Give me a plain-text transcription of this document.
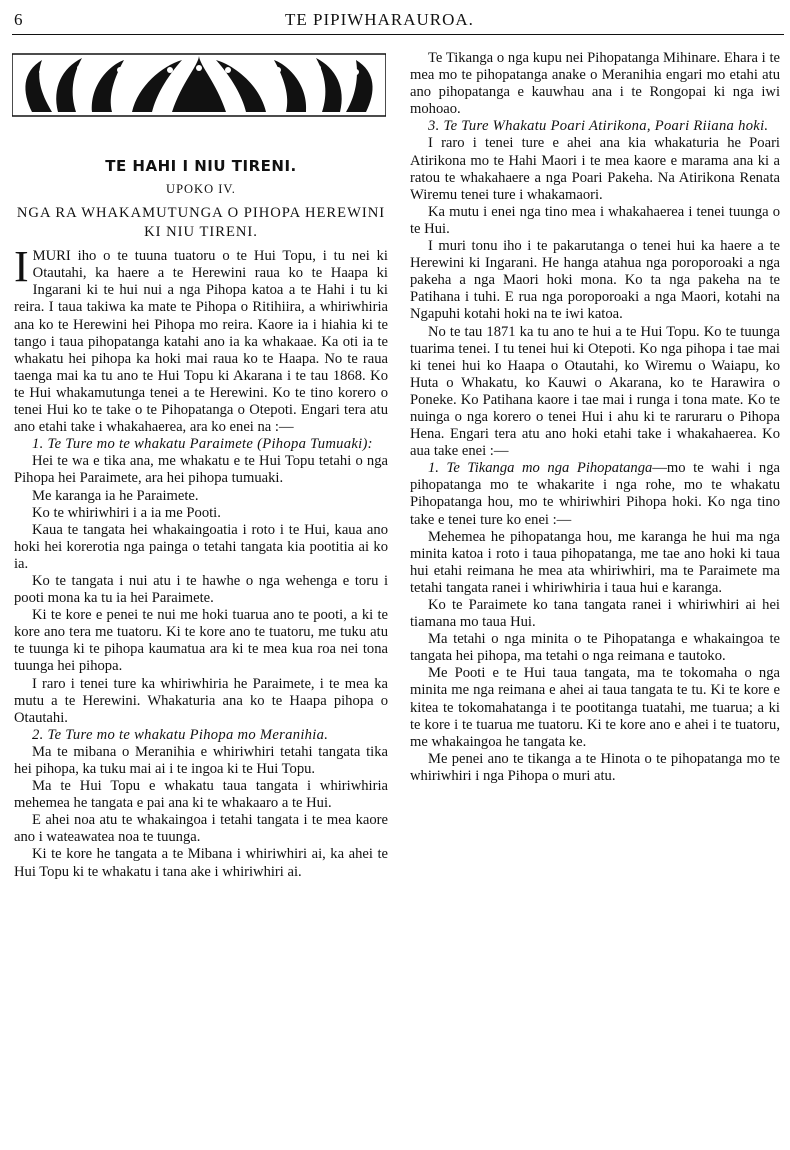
6	TE PIPIWHARAUROA.
TE HAHI I NIU TIRENI.
UPOKO IV.
NGA RA WHAKAMUTUNGA O PIHOPA HEREWINI KI NIU TIRENI.

I MURI iho o te tuuna tuatoru o te Hui Topu, i tu nei ki Otautahi, ka haere a te Herewini raua ko te Haapa ki Ingarani ki te hui nui a nga Pihopa katoa a te Hahi i tu ki reira. I taua takiwa ka mate te Pihopa o Ritihiira, a whiriwhiria ana ko te Herewini hei Pihopa mo reira. Kaore ia i hiahia ki te tango i taua pihopatanga katahi ano ia ka whakaae. Ka oti ia te whakatu hei pihopa ka hoki mai raua ko te Haapa. No te raua taenga mai ka tu ano te Hui Topu ki Akarana i te tau 1868. Ko te Hui whakamutunga tenei a te Herewini. Ko te tino korero o tenei Hui ko te take o te Pihopatanga o Otepoti. Engari tera atu ano etahi take i whakahaerea, ara ko enei na :—

1. Te Ture mo te whakatu Paraimete (Pihopa Tumuaki):

Hei te wa e tika ana, me whakatu e te Hui Topu tetahi o nga Pihopa hei Paraimete, ara hei pihopa tumuaki.

Me karanga ia he Paraimete.

Ko te whiriwhiri i a ia me Pooti.

Kaua te tangata hei whakaingoatia i roto i te Hui, kaua ano hoki hei korerotia nga painga o tetahi tangata kia pootitia ai ko ia.

Ko te tangata i nui atu i te hawhe o nga wehenga e toru i pooti mona ka tu ia hei Paraimete.

Ki te kore e penei te nui me hoki tuarua ano te pooti, a ki te kore ano tera me tuatoru. Ki te kore ano te tuatoru, me tuku atu te tuunga ki te pihopa kaumatua ara ki te mea kua roa nei tona tuunga hei pihopa.

I raro i tenei ture ka whiriwhiria he Paraimete, i te mea ka mutu a te Herewini. Whakaturia ana ko te Haapa pihopa o Otautahi.

2. Te Ture mo te whakatu Pihopa mo Meranihia.

Ma te mibana o Meranihia e whiriwhiri tetahi tangata tika hei pihopa, ka tuku mai ai i te ingoa ki te Hui Topu.

Ma te Hui Topu e whakatu taua tangata i whiriwhiria mehemea he tangata e pai ana ki te whakaaro a te Hui.

E ahei noa atu te whakaingoa i tetahi tangata i te mea kaore ano i wateawatea noa te tuunga.

Ki te kore he tangata a te Mibana i whiriwhiri ai, ka ahei te Hui Topu ki te whakatu i tana ake i whiriwhiri ai.

Te Tikanga o nga kupu nei Pihopatanga Mihinare. Ehara i te mea mo te pihopatanga anake o Meranihia engari mo etahi atu ano pihopatanga e kauwhau ana i te Rongopai ki nga iwi mohoao.

3. Te Ture Whakatu Poari Atirikona, Poari Riiana hoki.

I raro i tenei ture e ahei ana kia whakaturia he Poari Atirikona mo te Hahi Maori i te mea kaore e marama ana ki a ratou te whakahaere a nga Poari Pakeha. Na Atirikona Renata Wiremu tenei ture i whakamaori.

Ka mutu i enei nga tino mea i whakahaerea i tenei tuunga o te Hui.

I muri tonu iho i te pakarutanga o tenei hui ka haere a te Herewini ki Ingarani. He hanga atahua nga poroporoaki a nga pakeha a nga Maori hoki mona. Ko ta nga pakeha na te Patihana i tuhi. E rua nga poroporoaki a nga Maori, kotahi na Ngapuhi kotahi hoki na te iwi katoa.

No te tau 1871 ka tu ano te hui a te Hui Topu. Ko te tuunga tuarima tenei. I tu tenei hui ki Otepoti. Ko nga pihopa i tae mai ki tenei hui ko Haapa o Otautahi, ko Wiremu o Waiapu, ko Huta o Whakatu, ko Kauwi o Akarana, ko te Harawira o Poneke. Ko Patihana kaore i tae mai i runga i tona mate. Ko te nuinga o nga korero o tenei Hui i ahu ki te raruraru o Pihopa Hena. Engari tera atu ano hoki etahi take i whakahaerea. Ko aua take enei :—

1. Te Tikanga mo nga Pihopatanga—mo te wahi i nga pihopatanga mo te whakarite i nga rohe, mo te whakatu Pihopatanga hou, mo te whiriwhiri Pihopa hoki. Ko nga tino take e tenei ture ko enei :—

Mehemea he pihopatanga hou, me karanga he hui ma nga minita katoa i roto i taua pihopatanga, me tae ano hoki ki taua hui etahi reimana he mea ata whiriwhiri, ma te Paraimete ma tetahi tangata ranei i whiriwhiria i taua hui e karanga.

Ko te Paraimete ko tana tangata ranei i whiriwhiri ai hei tiamana mo taua Hui.

Ma tetahi o nga minita o te Pihopatanga e whakaingoa te tangata hei pihopa, ma tetahi o nga reimana e tautoko.

Me Pooti e te Hui taua tangata, ma te tokomaha o nga minita me nga reimana e ahei ai taua tangata te tu. Ki te kore e kitea te tokomahatanga i te pootitanga tuatahi, me tuarua; a ki te kore i te tuarua me tuatoru. Ki te kore ano e ahei i te tuatoru, me whakaingoa he tangata ke.

Me penei ano te tikanga a te Hinota o te pihopatanga mo te whiriwhiri i nga Pihopa o muri atu.
